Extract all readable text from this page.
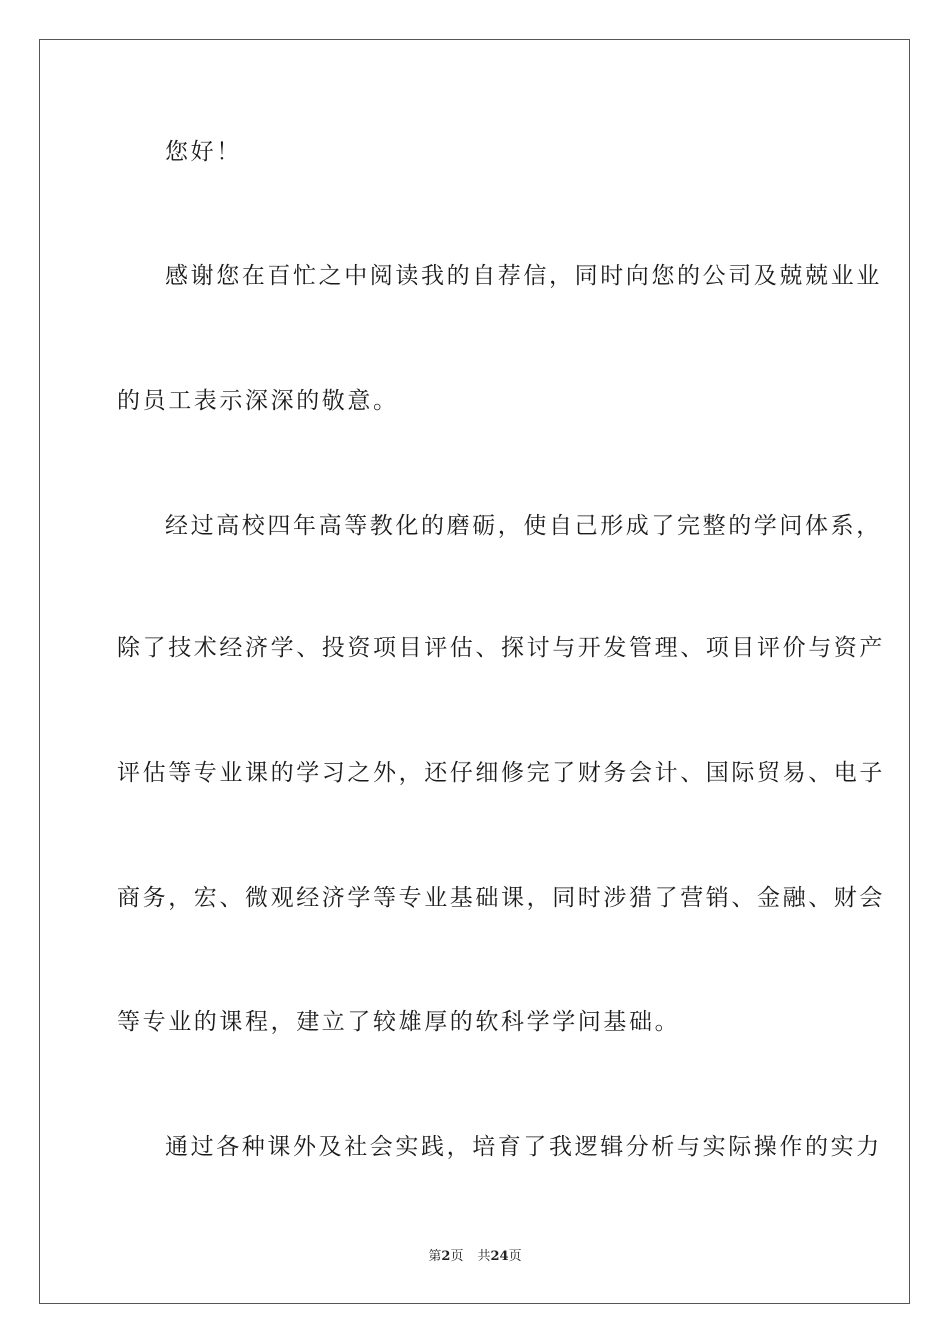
您好！
感谢您在百忙之中阅读我的自荐信，同时向您的公司及兢兢业业
的员工表示深深的敬意。
经过高校四年高等教化的磨砺，使自己形成了完整的学问体系，
除了技术经济学、投资项目评估、探讨与开发管理、项目评价与资产
评估等专业课的学习之外，还仔细修完了财务会计、国际贸易、电子
商务，宏、微观经济学等专业基础课，同时涉猎了营销、金融、财会
等专业的课程，建立了较雄厚的软科学学问基础。
通过各种课外及社会实践，培育了我逻辑分析与实际操作的实力
第2页 共24页
